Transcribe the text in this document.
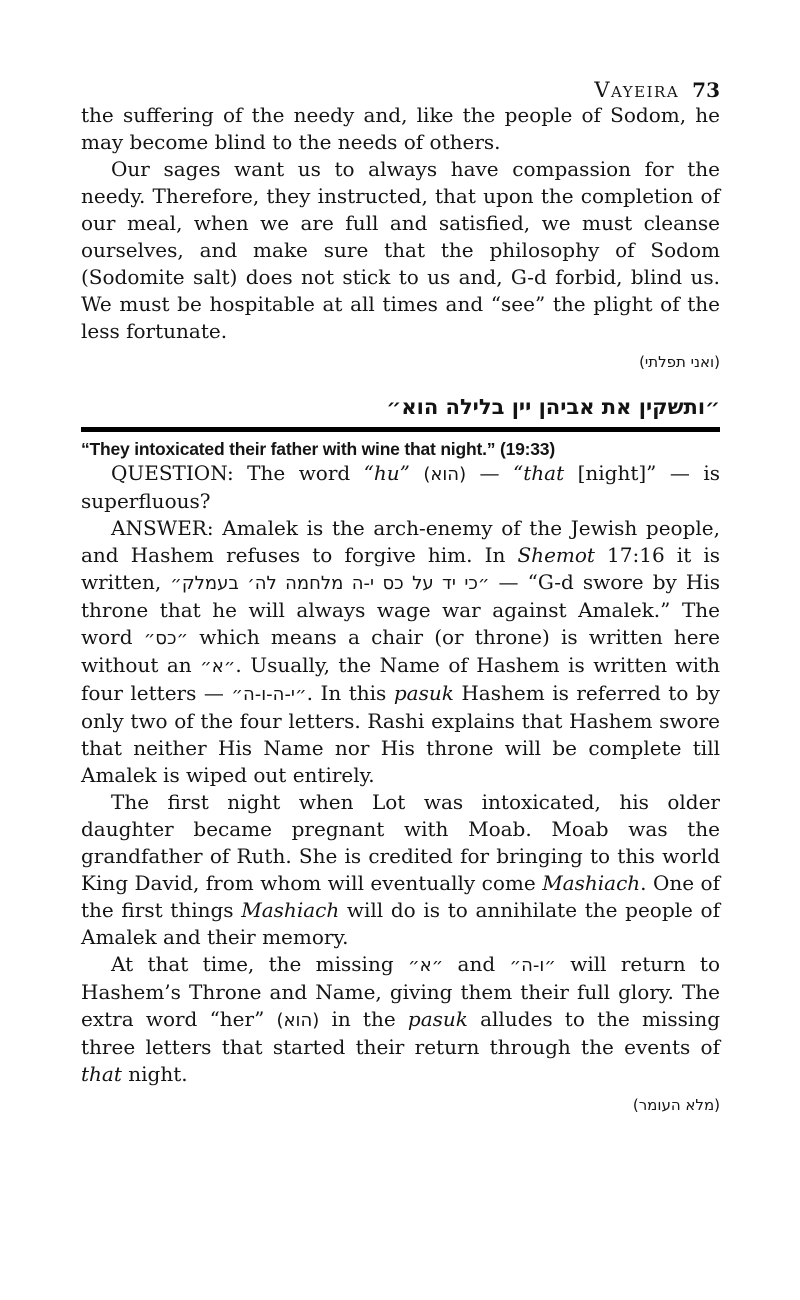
Vayeira 73

the suffering of the needy and, like the people of Sodom, he may become blind to the needs of others.

Our sages want us to always have compassion for the needy. Therefore, they instructed, that upon the completion of our meal, when we are full and satisfied, we must cleanse ourselves, and make sure that the philosophy of Sodom (Sodomite salt) does not stick to us and, G-d forbid, blind us. We must be hospitable at all times and “see” the plight of the less fortunate.

(ואני תפלתי)
״ותשקין את אביהן יין בלילה הוא״
“They intoxicated their father with wine that night.” (19:33)

QUESTION: The word “hu” (הוא) — “that [night]” — is superfluous?

ANSWER: Amalek is the arch-enemy of the Jewish people, and Hashem refuses to forgive him. In Shemot 17:16 it is written, ״כי יד על כס י-ה מלחמה לה׳ בעמלק״ — “G-d swore by His throne that he will always wage war against Amalek.” The word ״כס״ which means a chair (or throne) is written here without an ״א״. Usually, the Name of Hashem is written with four letters — ״י-ה-ו-ה״. In this pasuk Hashem is referred to by only two of the four letters. Rashi explains that Hashem swore that neither His Name nor His throne will be complete till Amalek is wiped out entirely.

The first night when Lot was intoxicated, his older daughter became pregnant with Moab. Moab was the grandfather of Ruth. She is credited for bringing to this world King David, from whom will eventually come Mashiach. One of the first things Mashiach will do is to annihilate the people of Amalek and their memory.

At that time, the missing ״א״ and ״ו-ה״ will return to Hashem’s Throne and Name, giving them their full glory. The extra word “her” (הוא) in the pasuk alludes to the missing three letters that started their return through the events of that night.

(מלא העומר)
